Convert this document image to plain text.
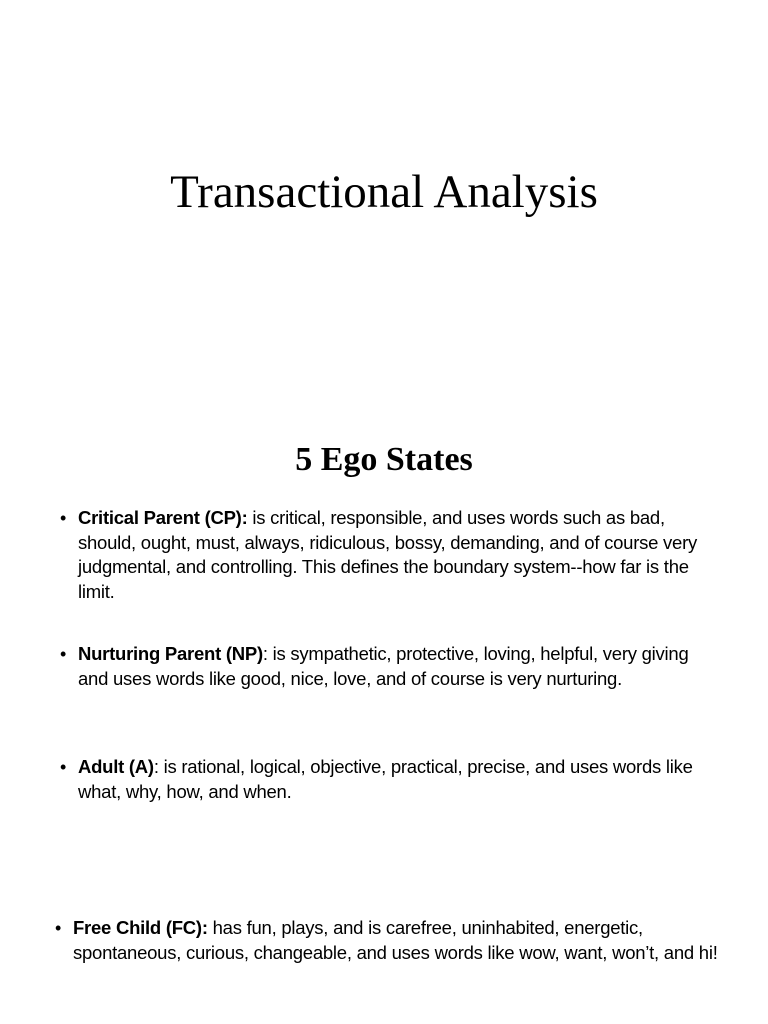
Transactional Analysis
5 Ego States
• Critical Parent (CP): is critical, responsible, and uses words such as bad, should, ought, must, always, ridiculous, bossy, demanding, and of course very judgmental, and controlling. This defines the boundary system--how far is the limit.
• Nurturing Parent (NP): is sympathetic, protective, loving, helpful, very giving and uses words like good, nice, love, and of course is very nurturing.
• Adult (A): is rational, logical, objective, practical, precise, and uses words like what, why, how, and when.
• Free Child (FC): has fun, plays, and is carefree, uninhabited, energetic, spontaneous, curious, changeable, and uses words like wow, want, won’t, and hi!
